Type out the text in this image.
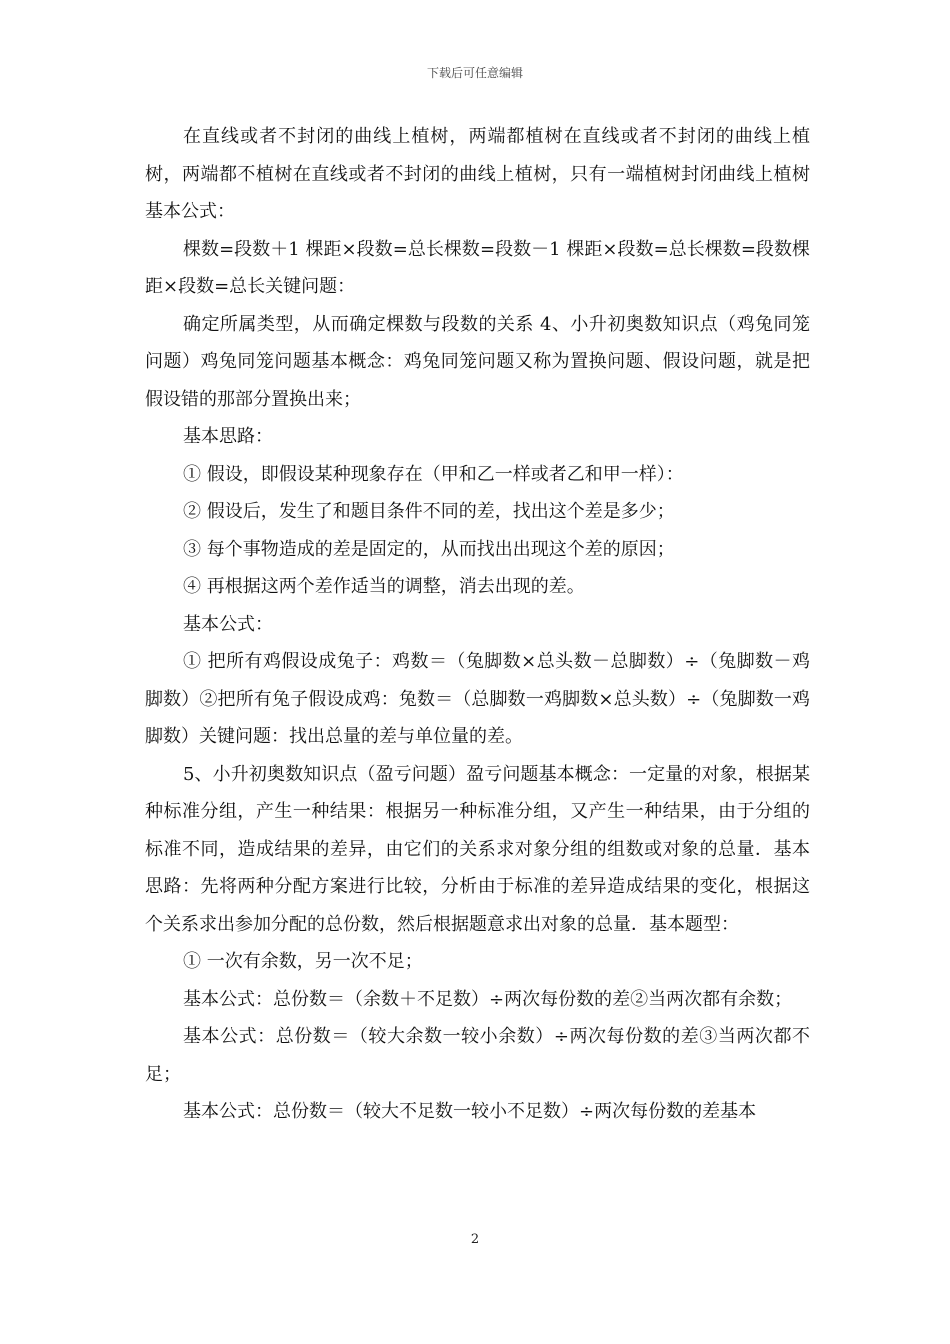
下载后可任意编辑

在直线或者不封闭的曲线上植树，两端都植树在直线或者不封闭的曲线上植树，两端都不植树在直线或者不封闭的曲线上植树，只有一端植树封闭曲线上植树基本公式：

棵数=段数＋1 棵距×段数=总长棵数=段数－1 棵距×段数=总长棵数=段数棵距×段数=总长关键问题：

确定所属类型，从而确定棵数与段数的关系 4、小升初奥数知识点（鸡兔同笼问题）鸡兔同笼问题基本概念：鸡兔同笼问题又称为置换问题、假设问题，就是把假设错的那部分置换出来；

基本思路：

① 假设，即假设某种现象存在（甲和乙一样或者乙和甲一样）：

② 假设后，发生了和题目条件不同的差，找出这个差是多少；

③ 每个事物造成的差是固定的，从而找出出现这个差的原因；

④ 再根据这两个差作适当的调整，消去出现的差。

基本公式：

① 把所有鸡假设成兔子：鸡数＝（兔脚数×总头数－总脚数）÷（兔脚数－鸡脚数）②把所有兔子假设成鸡：兔数＝（总脚数一鸡脚数×总头数）÷（兔脚数一鸡脚数）关键问题：找出总量的差与单位量的差。

5、小升初奥数知识点（盈亏问题）盈亏问题基本概念：一定量的对象，根据某种标准分组，产生一种结果：根据另一种标准分组，又产生一种结果，由于分组的标准不同，造成结果的差异，由它们的关系求对象分组的组数或对象的总量．基本思路：先将两种分配方案进行比较，分析由于标准的差异造成结果的变化，根据这个关系求出参加分配的总份数，然后根据题意求出对象的总量．基本题型：

① 一次有余数，另一次不足；

基本公式：总份数＝（余数＋不足数）÷两次每份数的差②当两次都有余数；

基本公式：总份数＝（较大余数一较小余数）÷两次每份数的差③当两次都不足；

基本公式：总份数＝（较大不足数一较小不足数）÷两次每份数的差基本

2
